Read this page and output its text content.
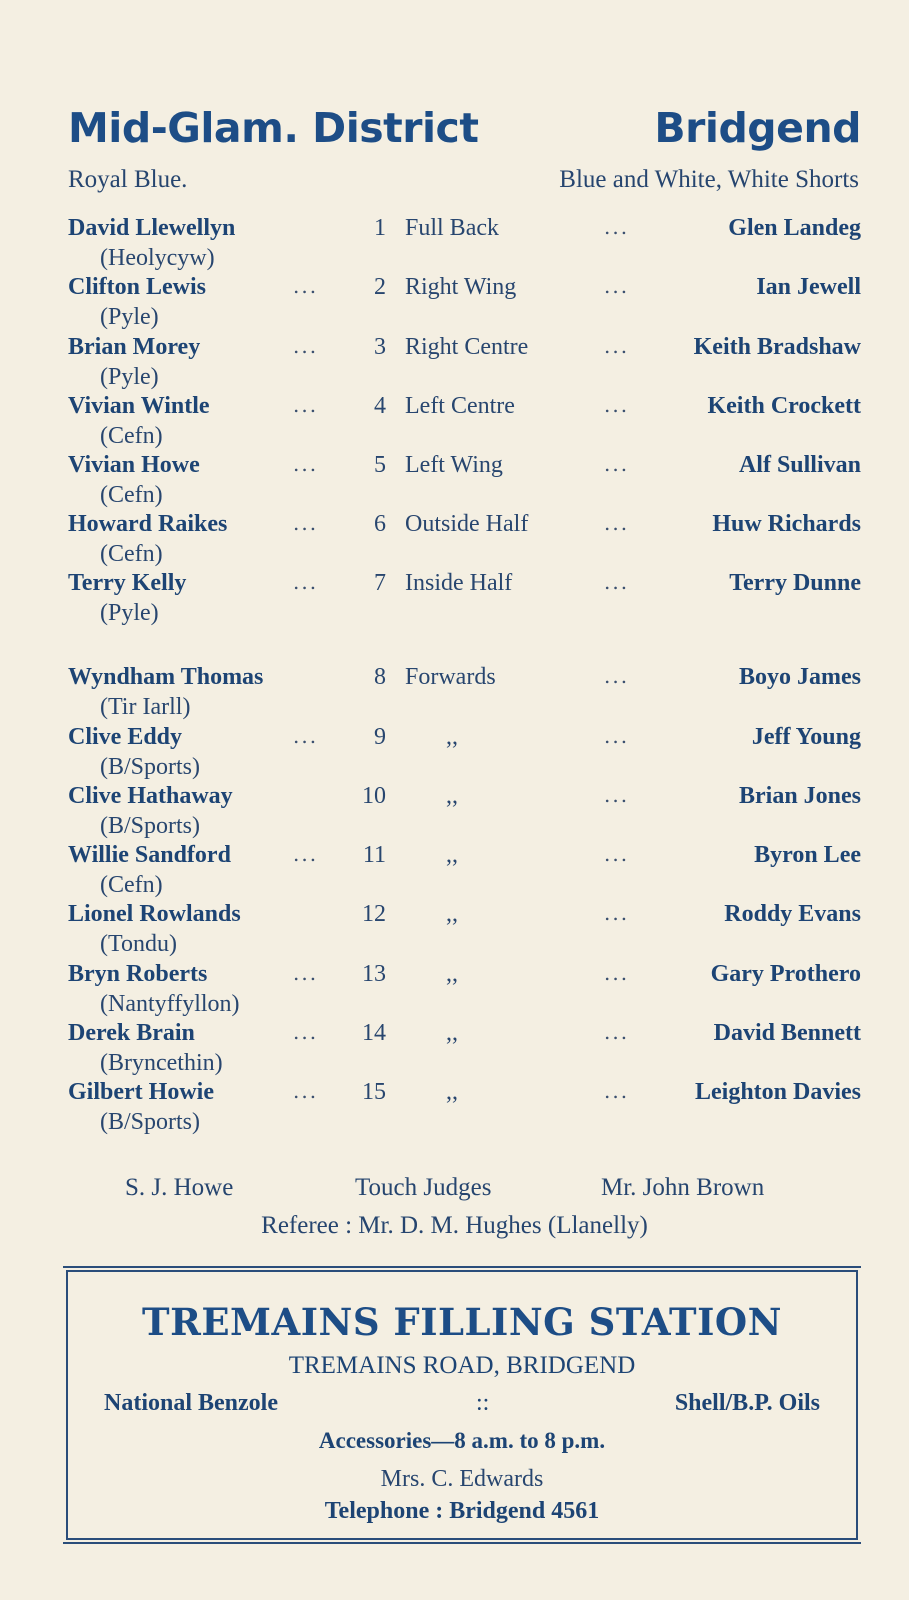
Mid-Glam. District	Bridgend
Royal Blue.	Blue and White, White Shorts
David Llewellyn
(Heolycyw)
1 Full Back	...	Glen Landeg
Clifton Lewis
(Pyle)
...	2 Right Wing	...	Ian Jewell
Brian Morey
(Pyle)
...	3 Right Centre	...	Keith Bradshaw
Vivian Wintle
(Cefn)
...	4 Left Centre	...	Keith Crockett
Vivian Howe
(Cefn)
...	5 Left Wing	...	Alf Sullivan
Howard Raikes
(Cefn)
...	6 Outside Half	...	Huw Richards
Terry Kelly
(Pyle)
...	7 Inside Half	...	Terry Dunne
Wyndham Thomas
(Tir Iarll)
8 Forwards	...	Boyo James
Clive Eddy
(B/Sports)
...	9	,,	...	Jeff Young
Clive Hathaway
(B/Sports)
10	,,	...	Brian Jones
Willie Sandford
(Cefn)
...	11	,,	...	Byron Lee
Lionel Rowlands
(Tondu)
12	,,	...	Roddy Evans
Bryn Roberts
(Nantyffyllon)
...	13	,,	...	Gary Prothero
Derek Brain
(Bryncethin)
...	14	,,	...	David Bennett
Gilbert Howie
(B/Sports)
...	15	,,	...	Leighton Davies
S. J. Howe	Touch Judges	Mr. John Brown
Referee : Mr. D. M. Hughes (Llanelly)
TREMAINS FILLING STATION
TREMAINS ROAD, BRIDGEND
National Benzole	::	Shell/B.P. Oils
Accessories—8 a.m. to 8 p.m.
Mrs. C. Edwards
Telephone : Bridgend 4561
